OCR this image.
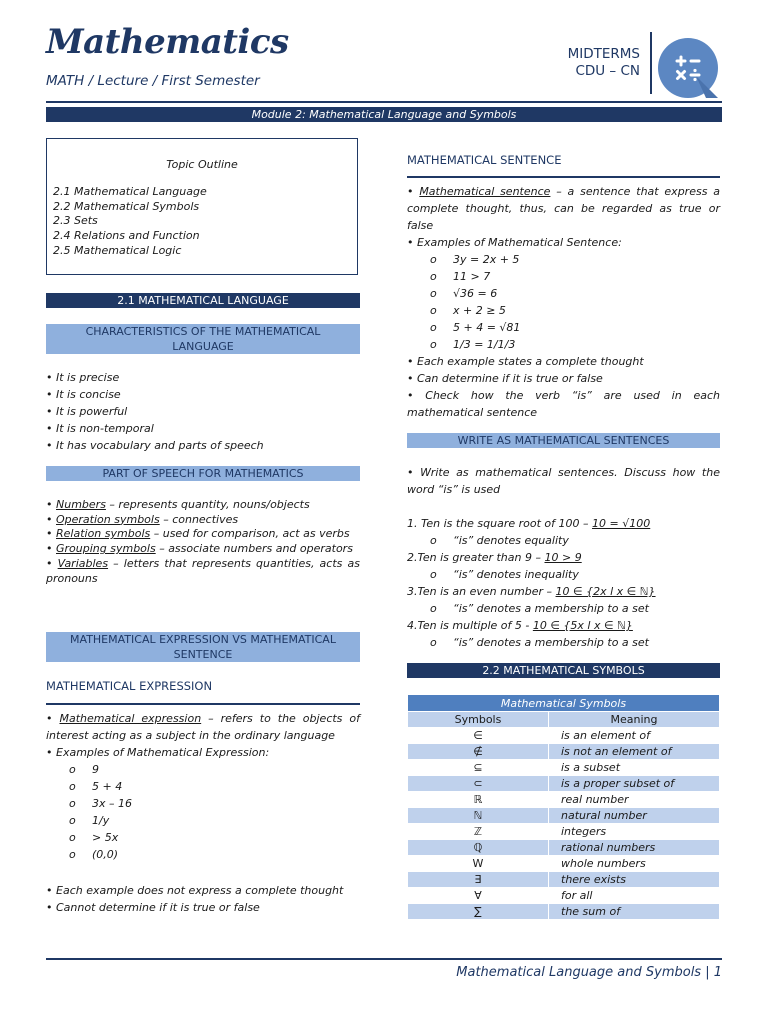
Mathematics
MATH / Lecture / First Semester
MIDTERMS
CDU – CN
Module 2: Mathematical Language and Symbols
Topic Outline
2.1 Mathematical Language
2.2 Mathematical Symbols
2.3 Sets
2.4 Relations and Function
2.5 Mathematical Logic
2.1 MATHEMATICAL LANGUAGE
CHARACTERISTICS OF THE MATHEMATICAL LANGUAGE
• It is precise
• It is concise
• It is powerful
• It is non-temporal
• It has vocabulary and parts of speech
PART OF SPEECH FOR MATHEMATICS
• Numbers – represents quantity, nouns/objects
• Operation symbols – connectives
• Relation symbols – used for comparison, act as verbs
• Grouping symbols – associate numbers and operators
• Variables – letters that represents quantities, acts as pronouns
MATHEMATICAL EXPRESSION VS MATHEMATICAL SENTENCE
MATHEMATICAL EXPRESSION
• Mathematical expression – refers to the objects of interest acting as a subject in the ordinary language
• Examples of Mathematical Expression:
o 9
o 5 + 4
o 3x – 16
o 1/y
o > 5x
o (0,0)
• Each example does not express a complete thought
• Cannot determine if it is true or false
MATHEMATICAL SENTENCE
• Mathematical sentence – a sentence that express a complete thought, thus, can be regarded as true or false
• Examples of Mathematical Sentence:
o 3y = 2x + 5
o 11 > 7
o √36 = 6
o x + 2 ≥ 5
o 5 + 4 = √81
o 1/3 = 1/1/3
• Each example states a complete thought
• Can determine if it is true or false
• Check how the verb “is” are used in each mathematical sentence
WRITE AS MATHEMATICAL SENTENCES
• Write as mathematical sentences. Discuss how the word “is” is used
1. Ten is the square root of 100 – 10 = √100
o “is” denotes equality
2.Ten is greater than 9 – 10 > 9
o “is” denotes inequality
3.Ten is an even number – 10 ∈ {2x l x ∈ ℕ}
o “is” denotes a membership to a set
4.Ten is multiple of 5 - 10 ∈ {5x l x ∈ ℕ}
o “is” denotes a membership to a set
2.2 MATHEMATICAL SYMBOLS
Mathematical Symbols	
Symbols	Meaning
∈	is an element of
∉	is not an element of
⊆	is a subset
⊂	is a proper subset of
ℝ	real number
ℕ	natural number
ℤ	integers
ℚ	rational numbers
W	whole numbers
∃	there exists
∀	for all
∑	the sum of
Mathematical Language and Symbols | 1
